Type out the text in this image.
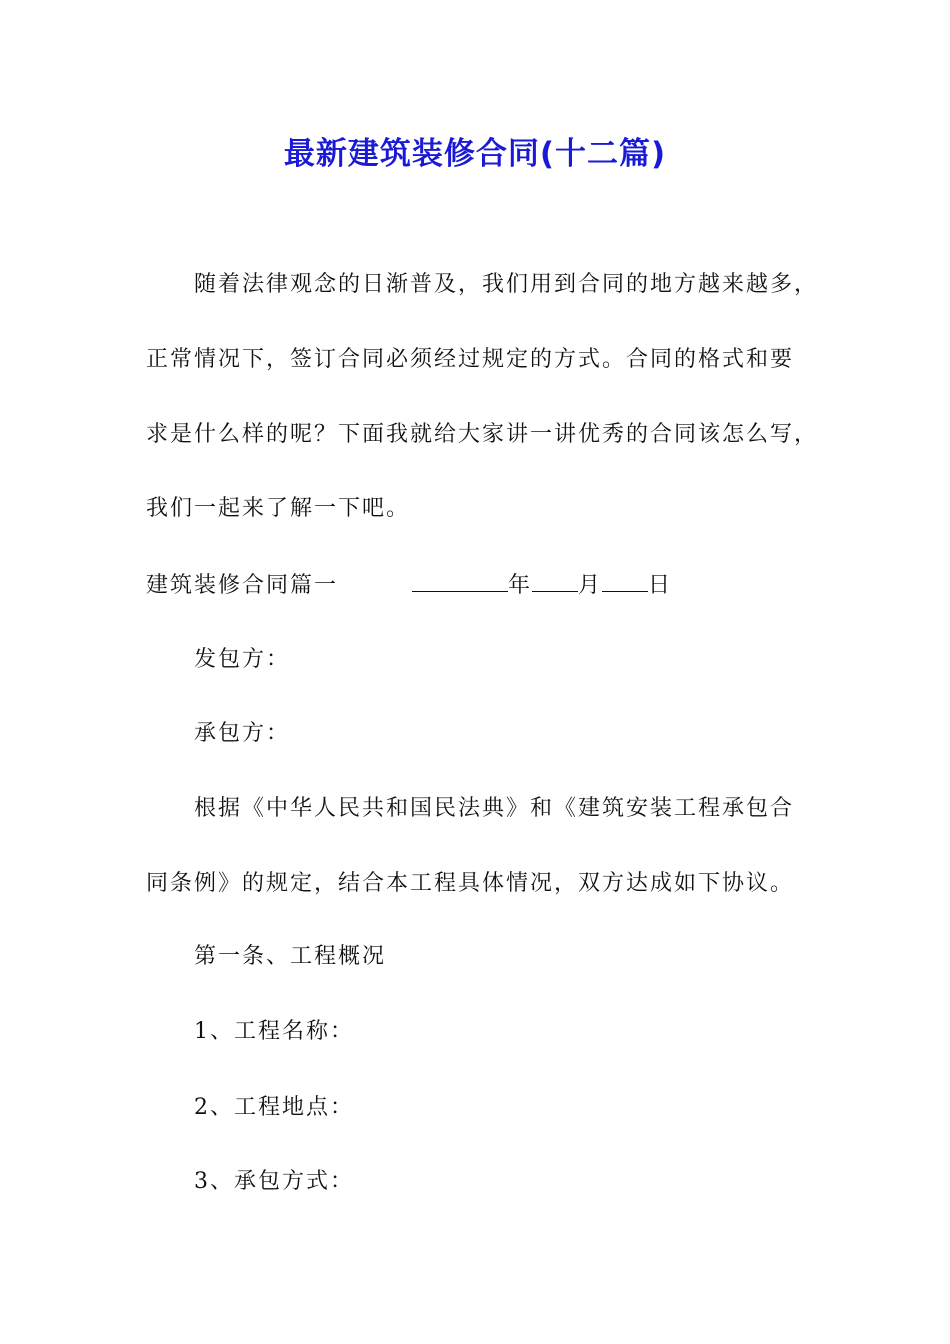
最新建筑装修合同(十二篇)
随着法律观念的日渐普及，我们用到合同的地方越来越多，
正常情况下，签订合同必须经过规定的方式。合同的格式和要
求是什么样的呢？下面我就给大家讲一讲优秀的合同该怎么写，
我们一起来了解一下吧。
建筑装修合同篇一	年 月 日
发包方：
承包方：
根据《中华人民共和国民法典》和《建筑安装工程承包合
同条例》的规定，结合本工程具体情况，双方达成如下协议。
第一条、工程概况
1、工程名称：
2、工程地点：
3、承包方式：
